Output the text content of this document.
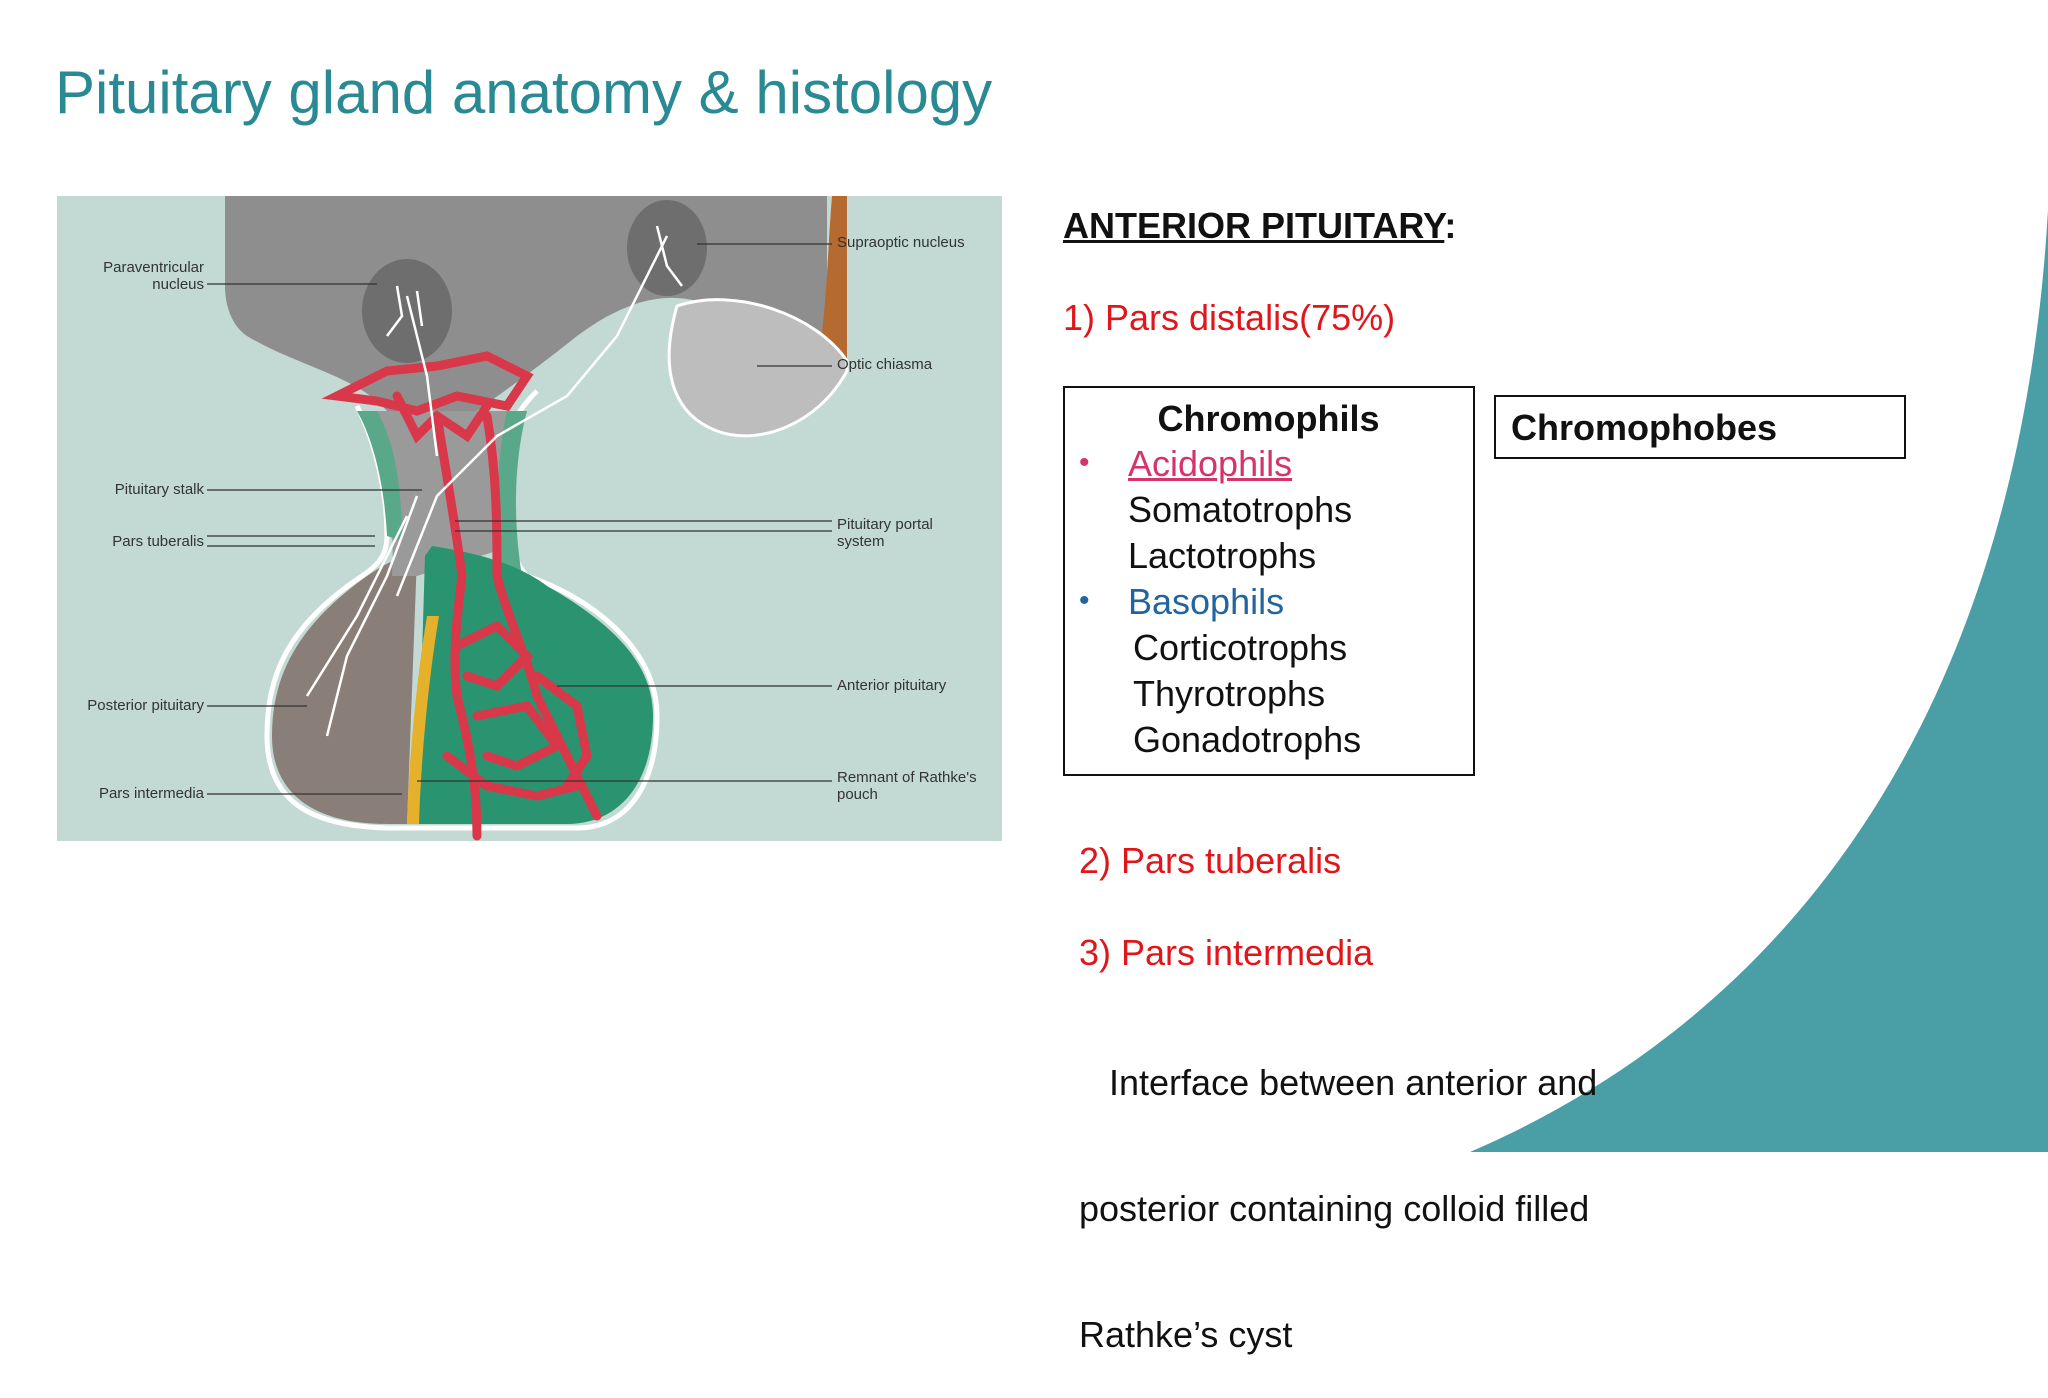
Pituitary gland anatomy & histology
Paraventricular
nucleus
Supraoptic nucleus
Optic chiasma
Pituitary stalk
Pars tuberalis
Pituitary portal
system
Posterior pituitary
Anterior pituitary
Pars intermedia
Remnant of Rathke's
pouch
ANTERIOR PITUITARY:
1) Pars distalis(75%)
Chromophils
• Acidophils
Somatotrophs
Lactotrophs
• Basophils
Corticotrophs
Thyrotrophs
Gonadotrophs
Chromophobes
2) Pars tuberalis
3) Pars intermedia

Interface between anterior and

posterior containing colloid filled

Rathke’s cyst
